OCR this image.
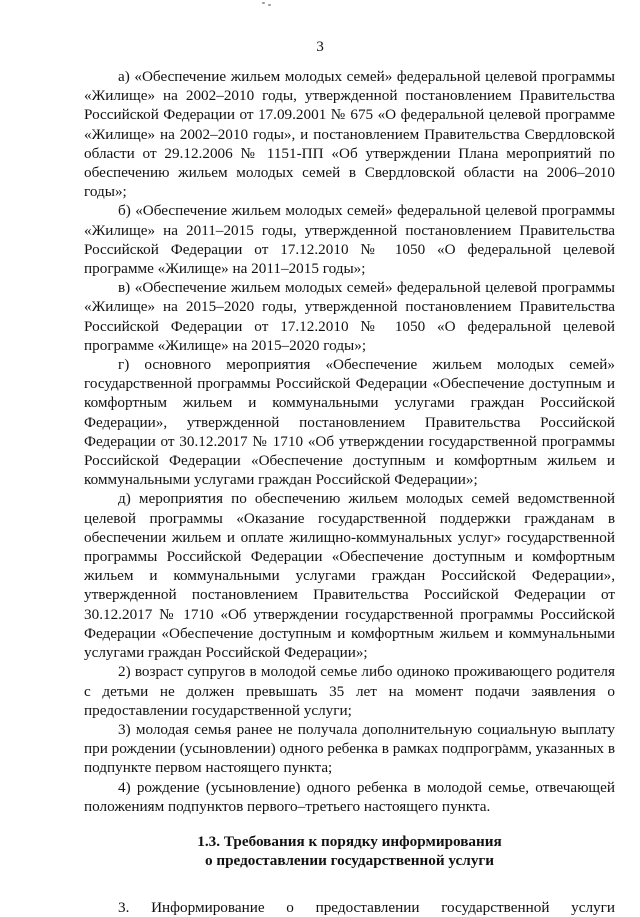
3

а) «Обеспечение жильем молодых семей» федеральной целевой программы «Жилище» на 2002–2010 годы, утвержденной постановлением Правительства Российской Федерации от 17.09.2001 № 675 «О федеральной целевой программе «Жилище» на 2002–2010 годы», и постановлением Правительства Свердловской области от 29.12.2006 № 1151-ПП «Об утверждении Плана мероприятий по обеспечению жильем молодых семей в Свердловской области на 2006–2010 годы»;

б) «Обеспечение жильем молодых семей» федеральной целевой программы «Жилище» на 2011–2015 годы, утвержденной постановлением Правительства Российской Федерации от 17.12.2010 № 1050 «О федеральной целевой программе «Жилище» на 2011–2015 годы»;

в) «Обеспечение жильем молодых семей» федеральной целевой программы «Жилище» на 2015–2020 годы, утвержденной постановлением Правительства Российской Федерации от 17.12.2010 № 1050 «О федеральной целевой программе «Жилище» на 2015–2020 годы»;

г) основного мероприятия «Обеспечение жильем молодых семей» государственной программы Российской Федерации «Обеспечение доступным и комфортным жильем и коммунальными услугами граждан Российской Федерации», утвержденной постановлением Правительства Российской Федерации от 30.12.2017 № 1710 «Об утверждении государственной программы Российской Федерации «Обеспечение доступным и комфортным жильем и коммунальными услугами граждан Российской Федерации»;

д) мероприятия по обеспечению жильем молодых семей ведомственной целевой программы «Оказание государственной поддержки гражданам в обеспечении жильем и оплате жилищно-коммунальных услуг» государственной программы Российской Федерации «Обеспечение доступным и комфортным жильем и коммунальными услугами граждан Российской Федерации», утвержденной постановлением Правительства Российской Федерации от 30.12.2017 № 1710 «Об утверждении государственной программы Российской Федерации «Обеспечение доступным и комфортным жильем и коммунальными услугами граждан Российской Федерации»;

2) возраст супругов в молодой семье либо одиноко проживающего родителя с детьми не должен превышать 35 лет на момент подачи заявления о предоставлении государственной услуги;

3) молодая семья ранее не получала дополнительную социальную выплату при рождении (усыновлении) одного ребенка в рамках подпрограмм, указанных в подпункте первом настоящего пункта;

4) рождение (усыновление) одного ребенка в молодой семье, отвечающей положениям подпунктов первого–третьего настоящего пункта.

1.3. Требования к порядку информирования
о предоставлении государственной услуги

3. Информирование о предоставлении государственной услуги
